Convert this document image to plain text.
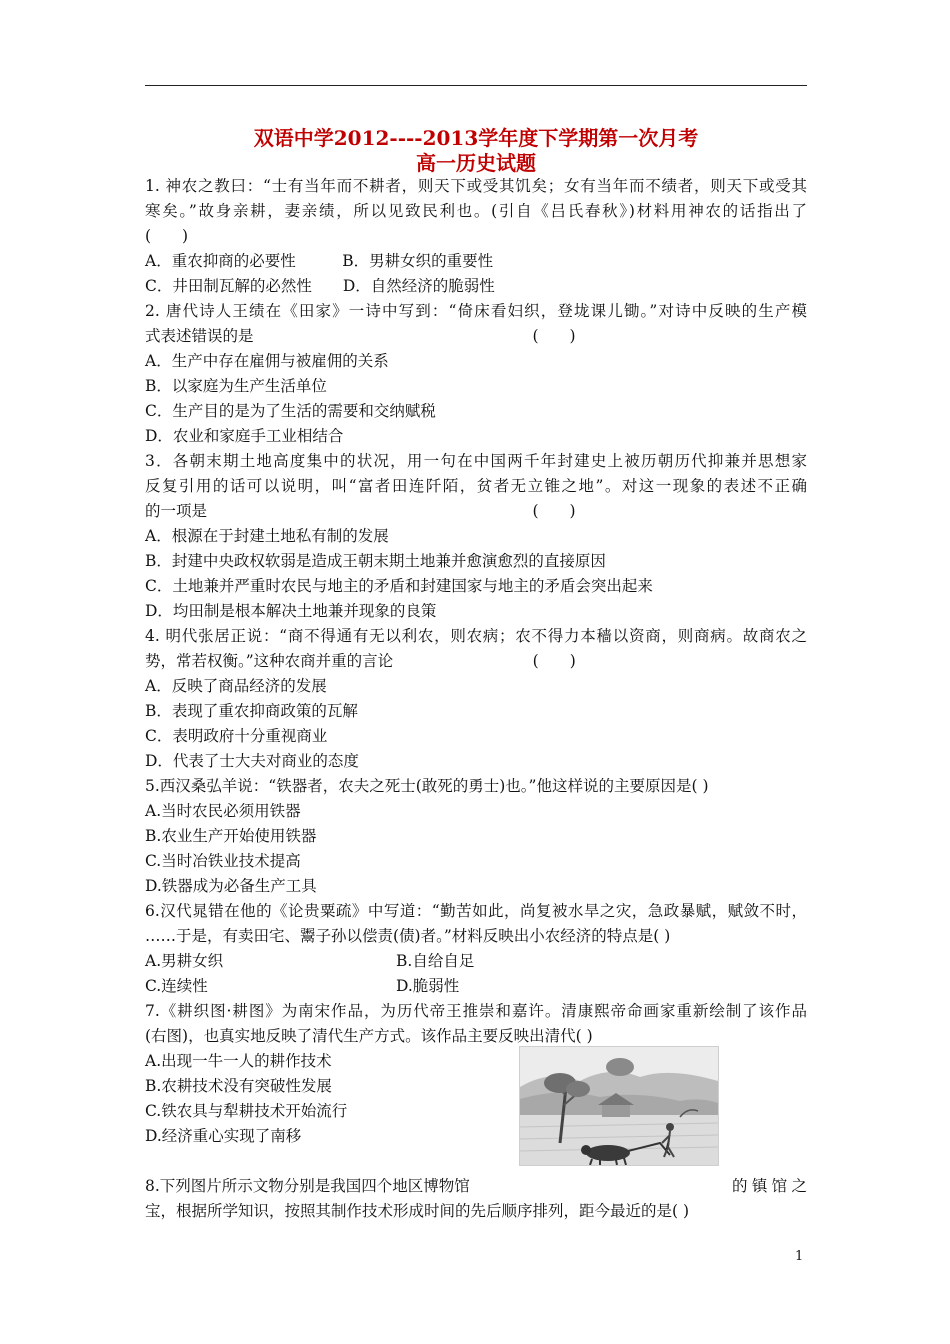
双语中学2012----2013学年度下学期第一次月考
高一历史试题
1. 神农之教曰：“士有当年而不耕者，则天下或受其饥矣；女有当年而不绩者，则天下或受其
寒矣。”故身亲耕，妻亲绩，所以见致民利也。(引自《吕氏春秋》)材料用神农的话指出了
(　　)
A．重农抑商的必要性　　　B．男耕女织的重要性
C．井田制瓦解的必然性　　D．自然经济的脆弱性
2. 唐代诗人王绩在《田家》一诗中写到：“倚床看妇织，登垅课儿锄。”对诗中反映的生产模
式表述错误的是　　　　　　　　　　　　　　　　　　(　　)
A．生产中存在雇佣与被雇佣的关系
B．以家庭为生产生活单位
C．生产目的是为了生活的需要和交纳赋税
D．农业和家庭手工业相结合
3．各朝末期土地高度集中的状况，用一句在中国两千年封建史上被历朝历代抑兼并思想家
反复引用的话可以说明，叫“富者田连阡陌，贫者无立锥之地”。对这一现象的表述不正确
的一项是　　　　　　　　　　　　　　　　　　　　　(　　)
A．根源在于封建土地私有制的发展
B．封建中央政权软弱是造成王朝末期土地兼并愈演愈烈的直接原因
C．土地兼并严重时农民与地主的矛盾和封建国家与地主的矛盾会突出起来
D．均田制是根本解决土地兼并现象的良策
4. 明代张居正说：“商不得通有无以利农，则农病；农不得力本穑以资商，则商病。故商农之
势，常若权衡。”这种农商并重的言论　　　　　　　　　(　　)
A．反映了商品经济的发展
B．表现了重农抑商政策的瓦解
C．表明政府十分重视商业
D．代表了士大夫对商业的态度
5.西汉桑弘羊说：“铁器者，农夫之死士(敢死的勇士)也。”他这样说的主要原因是( )
A.当时农民必须用铁器
B.农业生产开始使用铁器
C.当时冶铁业技术提高
D.铁器成为必备生产工具
6.汉代晁错在他的《论贵粟疏》中写道：“勤苦如此，尚复被水旱之灾，急政暴赋，赋敛不时，
……于是，有卖田宅、鬻子孙以偿责(债)者。”材料反映出小农经济的特点是( )
A.男耕女织	B.自给自足
C.连续性	D.脆弱性
7.《耕织图·耕图》为南宋作品，为历代帝王推崇和嘉许。清康熙帝命画家重新绘制了该作品
(右图)，也真实地反映了清代生产方式。该作品主要反映出清代( )
A.出现一牛一人的耕作技术
B.农耕技术没有突破性发展
C.铁农具与犁耕技术开始流行
D.经济重心实现了南移
8.下列图片所示文物分别是我国四个地区博物馆	的镇馆之
宝，根据所学知识，按照其制作技术形成时间的先后顺序排列，距今最近的是( )
1
